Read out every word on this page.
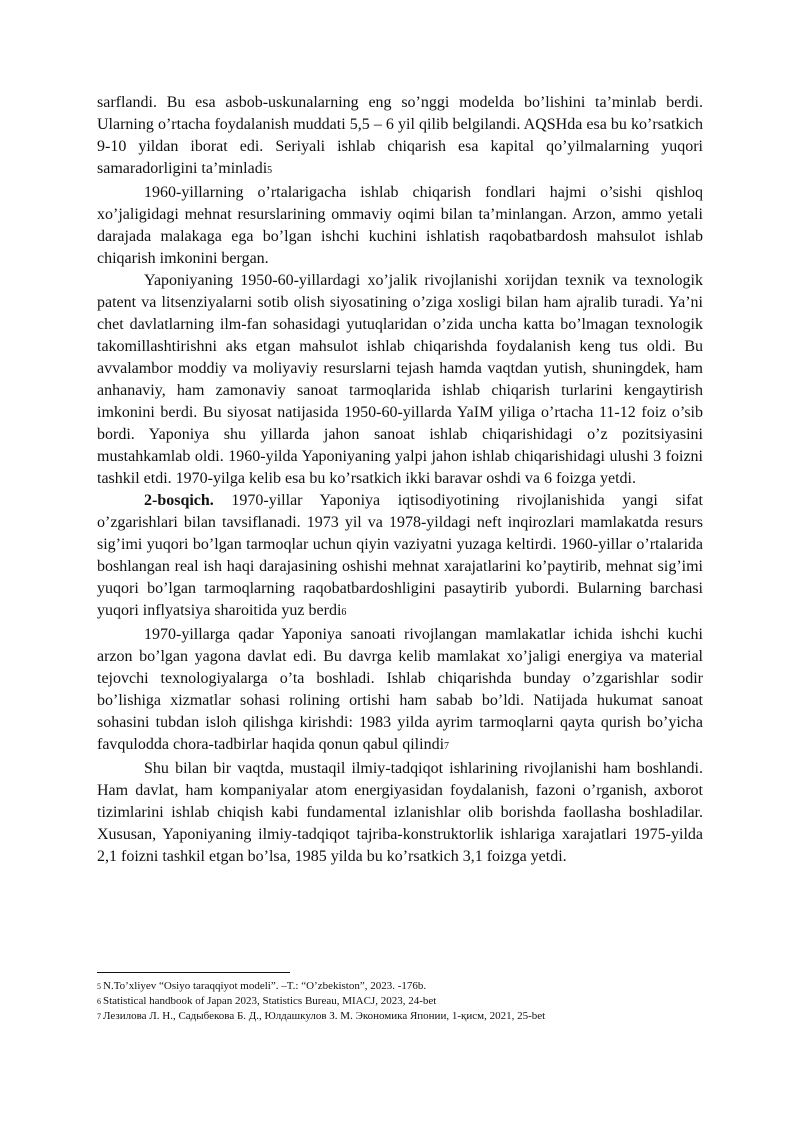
sarflandi. Bu esa asbob-uskunalarning eng so’nggi modelda bo’lishini ta’minlab berdi. Ularning o’rtacha foydalanish muddati 5,5 – 6 yil qilib belgilandi. AQSHda esa bu ko’rsatkich 9-10 yildan iborat edi. Seriyali ishlab chiqarish esa kapital qo’yilmalarning yuqori samaradorligini ta’minladi5

1960-yillarning o’rtalarigacha ishlab chiqarish fondlari hajmi o’sishi qishloq xo’jaligidagi mehnat resurslarining ommaviy oqimi bilan ta’minlangan. Arzon, ammo yetali darajada malakaga ega bo’lgan ishchi kuchini ishlatish raqobatbardosh mahsulot ishlab chiqarish imkonini bergan.

Yaponiyaning 1950-60-yillardagi xo’jalik rivojlanishi xorijdan texnik va texnologik patent va litsenziyalarni sotib olish siyosatining o’ziga xosligi bilan ham ajralib turadi. Ya’ni chet davlatlarning ilm-fan sohasidagi yutuqlaridan o’zida uncha katta bo’lmagan texnologik takomillashtirishni aks etgan mahsulot ishlab chiqarishda foydalanish keng tus oldi. Bu avvalambor moddiy va moliyaviy resurslarni tejash hamda vaqtdan yutish, shuningdek, ham anhanaviy, ham zamonaviy sanoat tarmoqlarida ishlab chiqarish turlarini kengaytirish imkonini berdi. Bu siyosat natijasida 1950-60-yillarda YaIM yiliga o’rtacha 11-12 foiz o’sib bordi. Yaponiya shu yillarda jahon sanoat ishlab chiqarishidagi o’z pozitsiyasini mustahkamlab oldi. 1960-yilda Yaponiyaning yalpi jahon ishlab chiqarishidagi ulushi 3 foizni tashkil etdi. 1970-yilga kelib esa bu ko’rsatkich ikki baravar oshdi va 6 foizga yetdi.

2-bosqich. 1970-yillar Yaponiya iqtisodiyotining rivojlanishida yangi sifat o’zgarishlari bilan tavsiflanadi. 1973 yil va 1978-yildagi neft inqirozlari mamlakatda resurs sig’imi yuqori bo’lgan tarmoqlar uchun qiyin vaziyatni yuzaga keltirdi. 1960-yillar o’rtalarida boshlangan real ish haqi darajasining oshishi mehnat xarajatlarini ko’paytirib, mehnat sig’imi yuqori bo’lgan tarmoqlarning raqobatbardoshligini pasaytirib yubordi. Bularning barchasi yuqori inflyatsiya sharoitida yuz berdi6

1970-yillarga qadar Yaponiya sanoati rivojlangan mamlakatlar ichida ishchi kuchi arzon bo’lgan yagona davlat edi. Bu davrga kelib mamlakat xo’jaligi energiya va material tejovchi texnologiyalarga o’ta boshladi. Ishlab chiqarishda bunday o’zgarishlar sodir bo’lishiga xizmatlar sohasi rolining ortishi ham sabab bo’ldi. Natijada hukumat sanoat sohasini tubdan isloh qilishga kirishdi: 1983 yilda ayrim tarmoqlarni qayta qurish bo’yicha favqulodda chora-tadbirlar haqida qonun qabul qilindi7

Shu bilan bir vaqtda, mustaqil ilmiy-tadqiqot ishlarining rivojlanishi ham boshlandi. Ham davlat, ham kompaniyalar atom energiyasidan foydalanish, fazoni o’rganish, axborot tizimlarini ishlab chiqish kabi fundamental izlanishlar olib borishda faollasha boshladilar. Xususan, Yaponiyaning ilmiy-tadqiqot tajriba-konstruktorlik ishlariga xarajatlari 1975-yilda 2,1 foizni tashkil etgan bo’lsa, 1985 yilda bu ko’rsatkich 3,1 foizga yetdi.

5 N.To’xliyev “Osiyo taraqqiyot modeli”. –T.: “O’zbekiston”, 2023. -176b.

6 Statistical handbook of Japan 2023, Statistics Bureau, MIACJ, 2023, 24-bet

7 Лезилова Л. Н., Садыбекова Б. Д., Юлдашкулов З. М. Экономика Японии, 1-қисм, 2021, 25-bet
